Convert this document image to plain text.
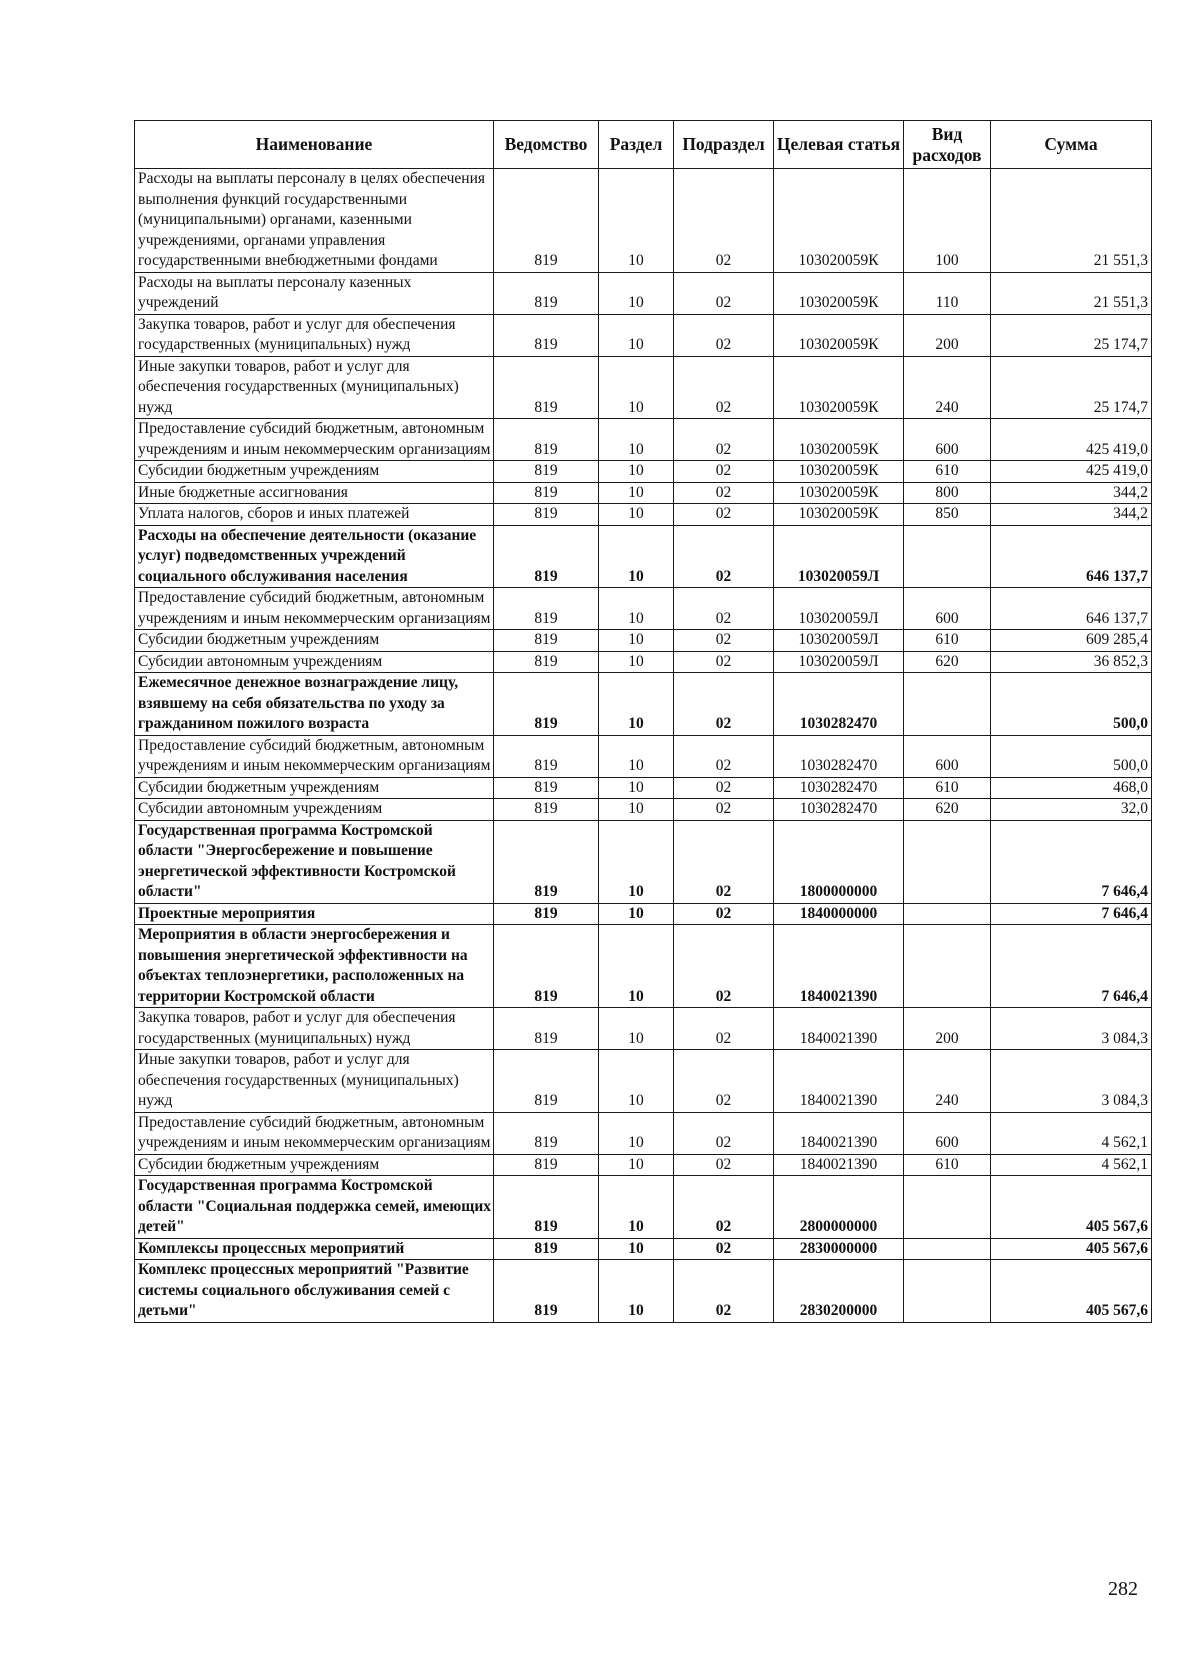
Наименование	Ведомство	Раздел	Подраздел	Целевая статья	Вид расходов	Сумма
Расходы на выплаты персоналу в целях обеспечения выполнения функций государственными (муниципальными) органами, казенными учреждениями, органами управления государственными внебюджетными фондами	819	10	02	103020059К	100	21 551,3
Расходы на выплаты персоналу казенных учреждений	819	10	02	103020059К	110	21 551,3
Закупка товаров, работ и услуг для обеспечения государственных (муниципальных) нужд	819	10	02	103020059К	200	25 174,7
Иные закупки товаров, работ и услуг для обеспечения государственных (муниципальных) нужд	819	10	02	103020059К	240	25 174,7
Предоставление субсидий бюджетным, автономным учреждениям и иным некоммерческим организациям	819	10	02	103020059К	600	425 419,0
Субсидии бюджетным учреждениям	819	10	02	103020059К	610	425 419,0
Иные бюджетные ассигнования	819	10	02	103020059К	800	344,2
Уплата налогов, сборов и иных платежей	819	10	02	103020059К	850	344,2
Расходы на обеспечение деятельности (оказание услуг) подведомственных учреждений социального обслуживания населения	819	10	02	103020059Л		646 137,7
Предоставление субсидий бюджетным, автономным учреждениям и иным некоммерческим организациям	819	10	02	103020059Л	600	646 137,7
Субсидии бюджетным учреждениям	819	10	02	103020059Л	610	609 285,4
Субсидии автономным учреждениям	819	10	02	103020059Л	620	36 852,3
Ежемесячное денежное вознаграждение лицу, взявшему на себя обязательства по уходу за гражданином пожилого возраста	819	10	02	1030282470		500,0
Предоставление субсидий бюджетным, автономным учреждениям и иным некоммерческим организациям	819	10	02	1030282470	600	500,0
Субсидии бюджетным учреждениям	819	10	02	1030282470	610	468,0
Субсидии автономным учреждениям	819	10	02	1030282470	620	32,0
Государственная программа Костромской области "Энергосбережение и повышение энергетической эффективности Костромской области"	819	10	02	1800000000		7 646,4
Проектные мероприятия	819	10	02	1840000000		7 646,4
Мероприятия в области энергосбережения и повышения энергетической эффективности на объектах теплоэнергетики, расположенных на территории Костромской области	819	10	02	1840021390		7 646,4
Закупка товаров, работ и услуг для обеспечения государственных (муниципальных) нужд	819	10	02	1840021390	200	3 084,3
Иные закупки товаров, работ и услуг для обеспечения государственных (муниципальных) нужд	819	10	02	1840021390	240	3 084,3
Предоставление субсидий бюджетным, автономным учреждениям и иным некоммерческим организациям	819	10	02	1840021390	600	4 562,1
Субсидии бюджетным учреждениям	819	10	02	1840021390	610	4 562,1
Государственная программа Костромской области "Социальная поддержка семей, имеющих детей"	819	10	02	2800000000		405 567,6
Комплексы процессных мероприятий	819	10	02	2830000000		405 567,6
Комплекс процессных мероприятий "Развитие системы социального обслуживания семей с детьми"	819	10	02	2830200000		405 567,6
282
